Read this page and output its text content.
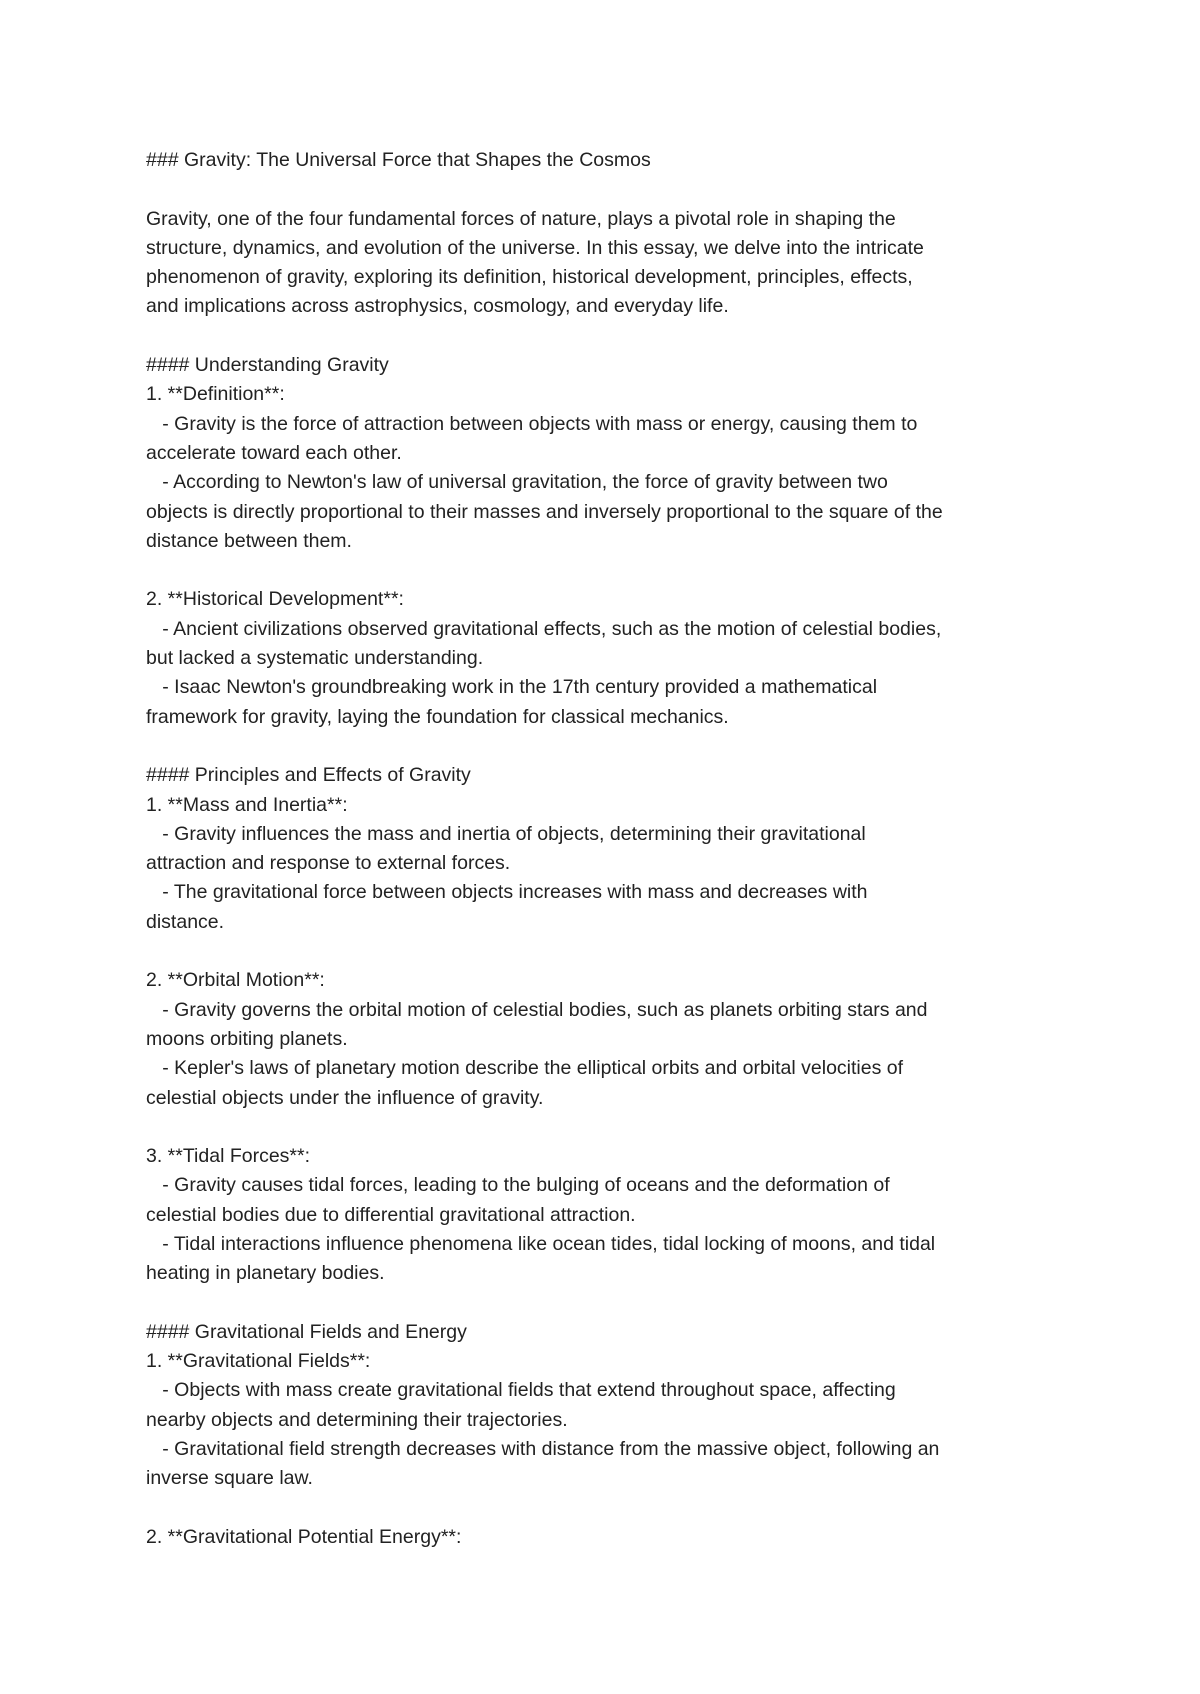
### Gravity: The Universal Force that Shapes the Cosmos

Gravity, one of the four fundamental forces of nature, plays a pivotal role in shaping the

structure, dynamics, and evolution of the universe. In this essay, we delve into the intricate

phenomenon of gravity, exploring its definition, historical development, principles, effects,

and implications across astrophysics, cosmology, and everyday life.

#### Understanding Gravity

1. **Definition**:

- Gravity is the force of attraction between objects with mass or energy, causing them to

accelerate toward each other.

- According to Newton's law of universal gravitation, the force of gravity between two

objects is directly proportional to their masses and inversely proportional to the square of the

distance between them.

2. **Historical Development**:

- Ancient civilizations observed gravitational effects, such as the motion of celestial bodies,

but lacked a systematic understanding.

- Isaac Newton's groundbreaking work in the 17th century provided a mathematical

framework for gravity, laying the foundation for classical mechanics.

#### Principles and Effects of Gravity

1. **Mass and Inertia**:

- Gravity influences the mass and inertia of objects, determining their gravitational

attraction and response to external forces.

- The gravitational force between objects increases with mass and decreases with

distance.

2. **Orbital Motion**:

- Gravity governs the orbital motion of celestial bodies, such as planets orbiting stars and

moons orbiting planets.

- Kepler's laws of planetary motion describe the elliptical orbits and orbital velocities of

celestial objects under the influence of gravity.

3. **Tidal Forces**:

- Gravity causes tidal forces, leading to the bulging of oceans and the deformation of

celestial bodies due to differential gravitational attraction.

- Tidal interactions influence phenomena like ocean tides, tidal locking of moons, and tidal

heating in planetary bodies.

#### Gravitational Fields and Energy

1. **Gravitational Fields**:

- Objects with mass create gravitational fields that extend throughout space, affecting

nearby objects and determining their trajectories.

- Gravitational field strength decreases with distance from the massive object, following an

inverse square law.

2. **Gravitational Potential Energy**:
